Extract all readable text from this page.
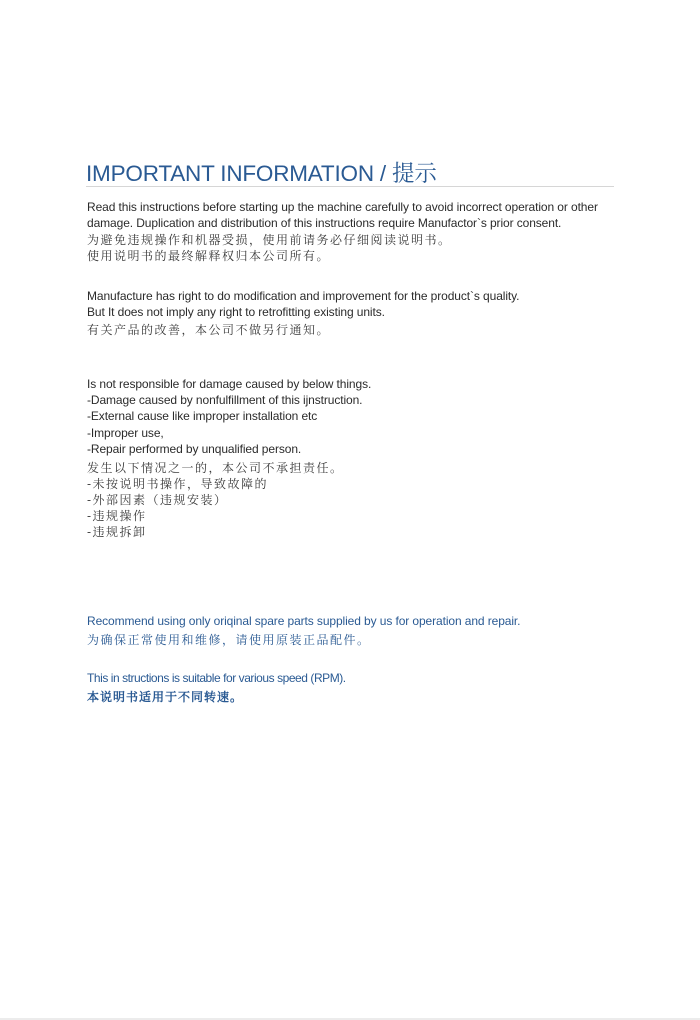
IMPORTANT INFORMATION / 提示
Read this instructions before starting up the machine carefully to avoid incorrect operation or other
damage. Duplication and distribution of this instructions require Manufactor`s prior consent.
为避免违规操作和机器受损，使用前请务必仔细阅读说明书。
使用说明书的最终解释权归本公司所有。
Manufacture has right to do modification and improvement for the product`s quality.
But It does not imply any right to retrofitting existing units.
有关产品的改善，本公司不做另行通知。
Is not responsible for damage caused by below things.
-Damage caused by nonfulfillment of this ijnstruction.
-External cause like improper installation etc
-Improper use,
-Repair performed by unqualified person.
发生以下情况之一的，本公司不承担责任。
-未按说明书操作，导致故障的
-外部因素（违规安装）
-违规操作
-违规拆卸
Recommend using only oriqinal spare parts supplied by us for operation and repair.
为确保正常使用和维修，请使用原装正品配件。
This in structions is suitable for various speed (RPM).
本说明书适用于不同转速。
